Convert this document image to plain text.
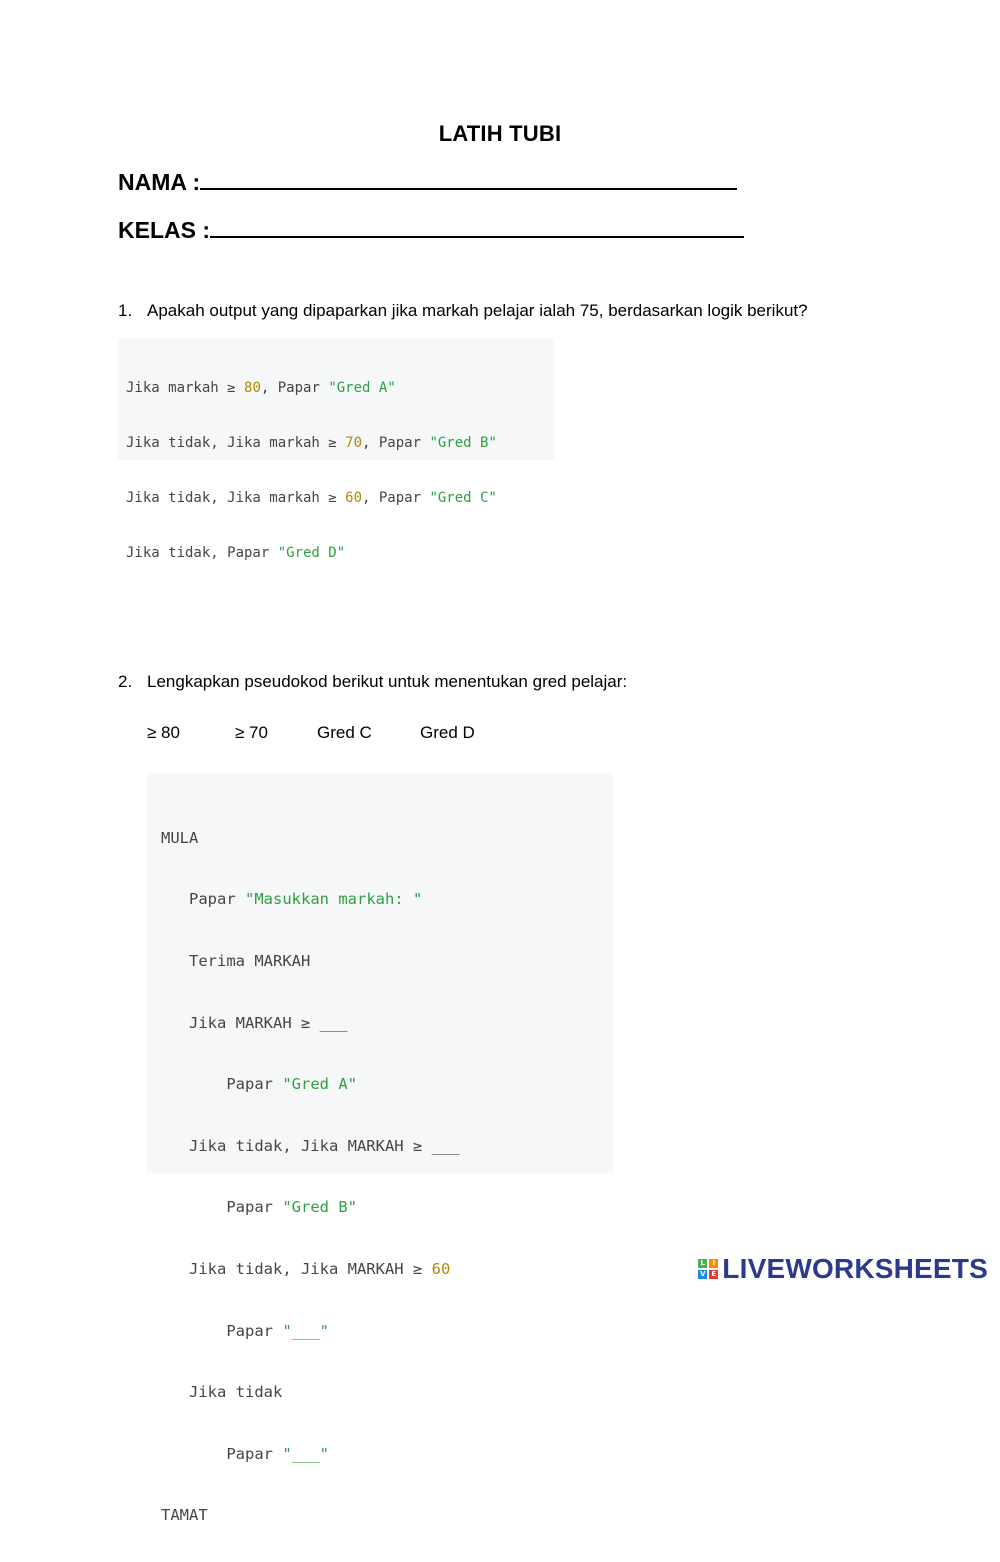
LATIH TUBI
NAMA :
KELAS :
1. Apakah output yang dipaparkan jika markah pelajar ialah 75, berdasarkan logik berikut?

Jika markah ≥ 80, Papar "Gred A"

Jika tidak, Jika markah ≥ 70, Papar "Gred B"

Jika tidak, Jika markah ≥ 60, Papar "Gred C"

Jika tidak, Papar "Gred D"

2. Lengkapkan pseudokod berikut untuk menentukan gred pelajar:
≥ 80	≥ 70	Gred C	Gred D

MULA

Papar "Masukkan markah: "

Terima MARKAH

Jika MARKAH ≥ ___

Papar "Gred A"

Jika tidak, Jika MARKAH ≥ ___

Papar "Gred B"

Jika tidak, Jika MARKAH ≥ 60

Papar "___"

Jika tidak

Papar "___"

TAMAT

L	I
V E LIVEWORKSHEETS
